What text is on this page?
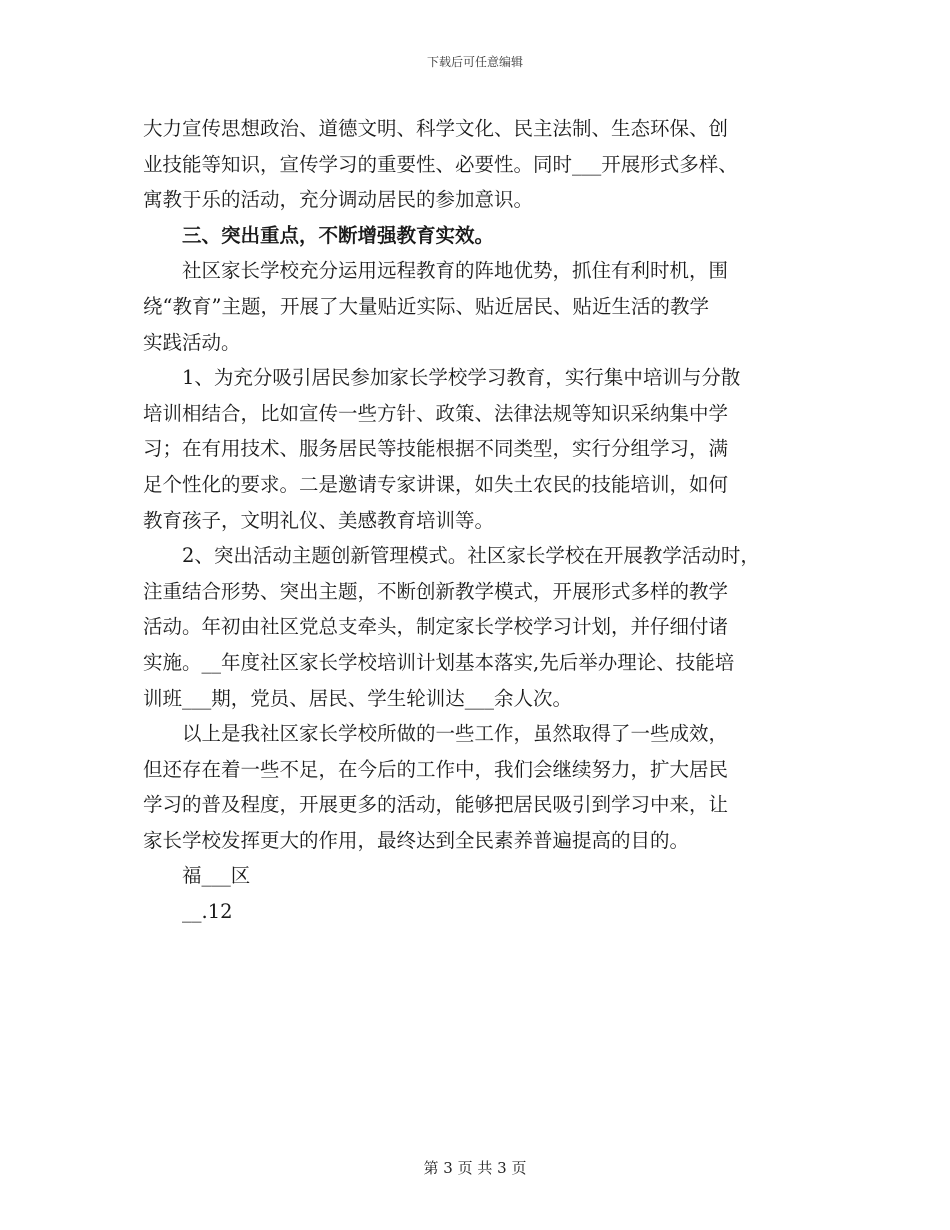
下载后可任意编辑
大力宣传思想政治、道德文明、科学文化、民主法制、生态环保、创
业技能等知识，宣传学习的重要性、必要性。同时___开展形式多样、
寓教于乐的活动，充分调动居民的参加意识。
三、突出重点，不断增强教育实效。
社区家长学校充分运用远程教育的阵地优势，抓住有利时机，围
绕“教育”主题，开展了大量贴近实际、贴近居民、贴近生活的教学
实践活动。
1、为充分吸引居民参加家长学校学习教育，实行集中培训与分散
培训相结合，比如宣传一些方针、政策、法律法规等知识采纳集中学
习；在有用技术、服务居民等技能根据不同类型，实行分组学习，满
足个性化的要求。二是邀请专家讲课，如失土农民的技能培训，如何
教育孩子，文明礼仪、美感教育培训等。
2、突出活动主题创新管理模式。社区家长学校在开展教学活动时，
注重结合形势、突出主题，不断创新教学模式，开展形式多样的教学
活动。年初由社区党总支牵头，制定家长学校学习计划，并仔细付诸
实施。__年度社区家长学校培训计划基本落实,先后举办理论、技能培
训班___期，党员、居民、学生轮训达___余人次。
以上是我社区家长学校所做的一些工作，虽然取得了一些成效，
但还存在着一些不足，在今后的工作中，我们会继续努力，扩大居民
学习的普及程度，开展更多的活动，能够把居民吸引到学习中来，让
家长学校发挥更大的作用，最终达到全民素养普遍提高的目的。
福___区
__.12
第 3 页 共 3 页
